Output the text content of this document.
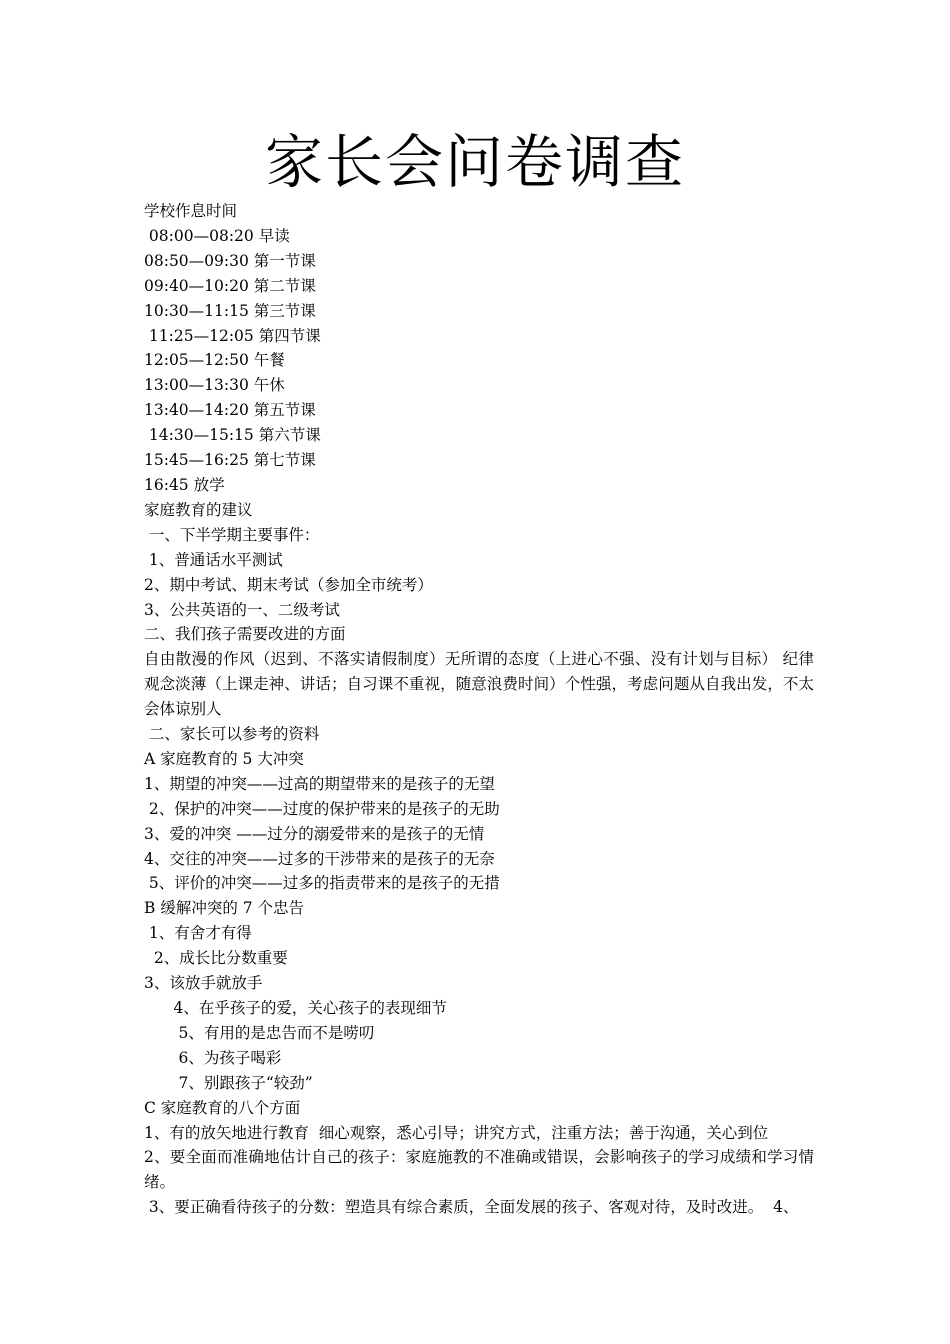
家长会问卷调查
学校作息时间
08:00—08:20 早读
08:50—09:30 第一节课
09:40—10:20 第二节课
10:30—11:15 第三节课
11:25—12:05 第四节课
12:05—12:50 午餐
13:00—13:30 午休
13:40—14:20 第五节课
14:30—15:15 第六节课
15:45—16:25 第七节课
16:45 放学
家庭教育的建议
一、下半学期主要事件：
1、普通话水平测试
2、期中考试、期末考试（参加全市统考）
3、公共英语的一、二级考试
二、我们孩子需要改进的方面
自由散漫的作风（迟到、不落实请假制度）无所谓的态度（上进心不强、没有计划与目标） 纪律观念淡薄（上课走神、讲话；自习课不重视，随意浪费时间）个性强，考虑问题从自我出发，不太会体谅别人
二、家长可以参考的资料
A 家庭教育的 5 大冲突
1、期望的冲突——过高的期望带来的是孩子的无望
2、保护的冲突——过度的保护带来的是孩子的无助
3、爱的冲突 ——过分的溺爱带来的是孩子的无情
4、交往的冲突——过多的干涉带来的是孩子的无奈
5、评价的冲突——过多的指责带来的是孩子的无措
B 缓解冲突的 7 个忠告
1、有舍才有得
2、成长比分数重要
3、该放手就放手
4、在乎孩子的爱，关心孩子的表现细节
5、有用的是忠告而不是唠叨
6、为孩子喝彩
7、别跟孩子“较劲”
C 家庭教育的八个方面
1、有的放矢地进行教育  细心观察，悉心引导；讲究方式，注重方法；善于沟通，关心到位
2、要全面而准确地估计自己的孩子：家庭施教的不准确或错误，会影响孩子的学习成绩和学习情绪。
3、要正确看待孩子的分数：塑造具有综合素质，全面发展的孩子、客观对待，及时改进。  4、
